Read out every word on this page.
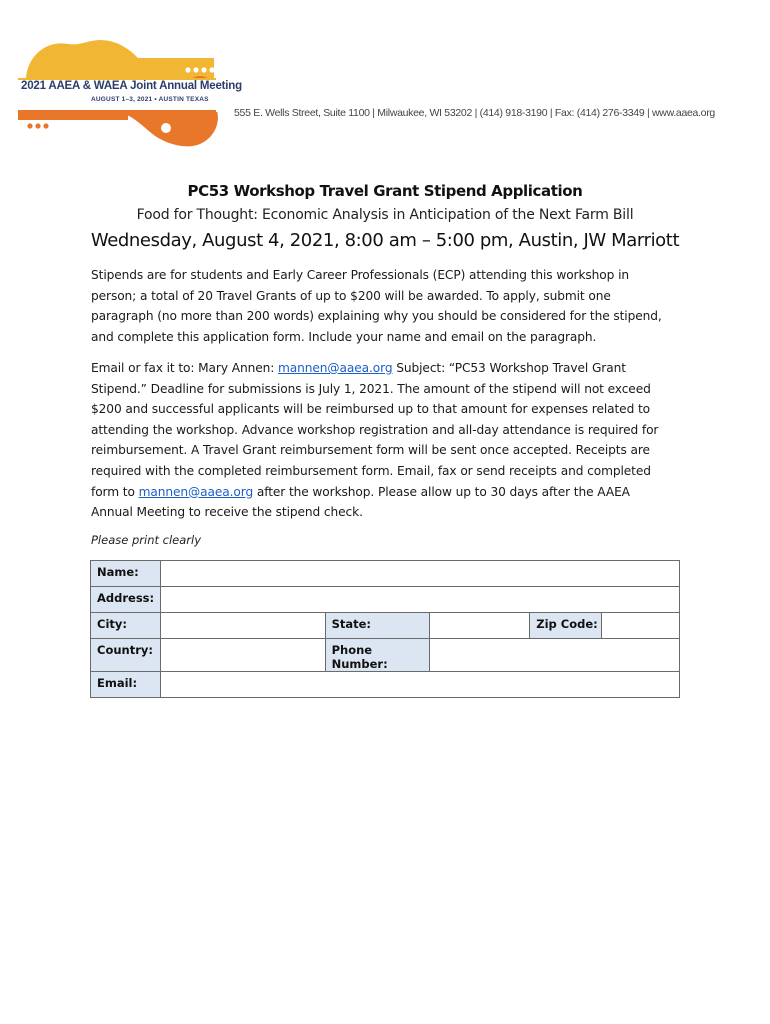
2021 AAEA & WAEA Joint Annual Meeting
AUGUST 1–3, 2021 • AUSTIN TEXAS
555 E. Wells Street, Suite 1100 | Milwaukee, WI 53202 | (414) 918-3190 | Fax: (414) 276-3349 | www.aaea.org
PC53 Workshop Travel Grant Stipend Application
Food for Thought: Economic Analysis in Anticipation of the Next Farm Bill
Wednesday, August 4, 2021, 8:00 am – 5:00 pm, Austin, JW Marriott
Stipends are for students and Early Career Professionals (ECP) attending this workshop in
person; a total of 20 Travel Grants of up to $200 will be awarded. To apply, submit one
paragraph (no more than 200 words) explaining why you should be considered for the stipend,
and complete this application form. Include your name and email on the paragraph.
Email or fax it to: Mary Annen: mannen@aaea.org Subject: “PC53 Workshop Travel Grant
Stipend.” Deadline for submissions is July 1, 2021. The amount of the stipend will not exceed
$200 and successful applicants will be reimbursed up to that amount for expenses related to
attending the workshop. Advance workshop registration and all-day attendance is required for
reimbursement. A Travel Grant reimbursement form will be sent once accepted. Receipts are
required with the completed reimbursement form. Email, fax or send receipts and completed
form to mannen@aaea.org after the workshop. Please allow up to 30 days after the AAEA
Annual Meeting to receive the stipend check.
Please print clearly
Name:					
Address:					
City:		State:		Zip Code:	
Country:		Phone Number:			
Email:					
